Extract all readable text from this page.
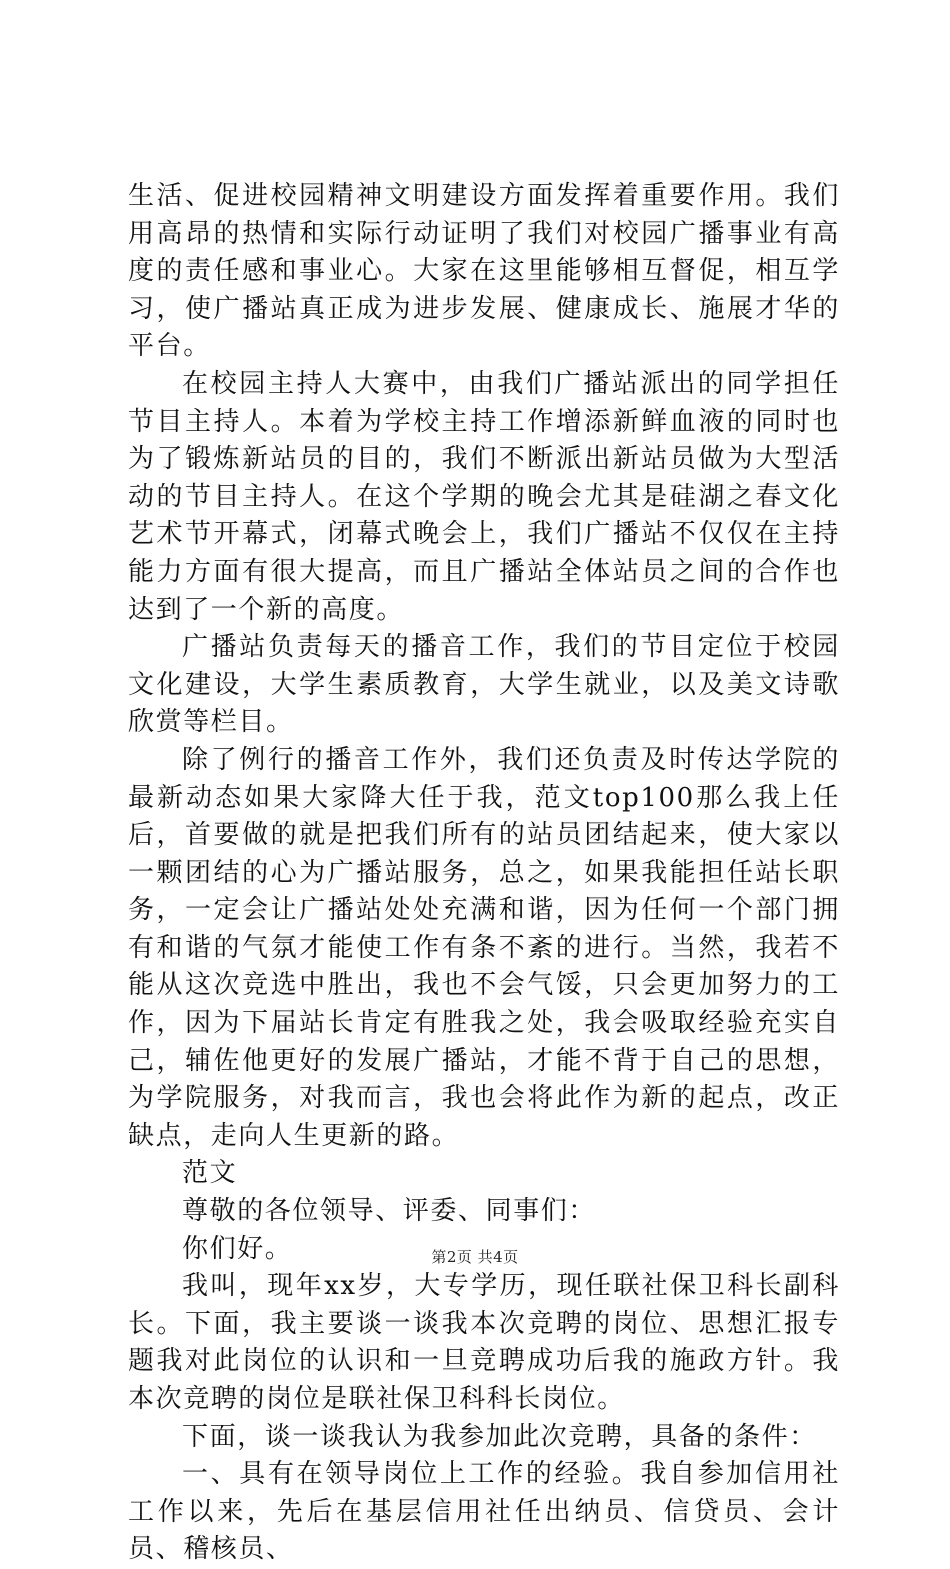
生活、促进校园精神文明建设方面发挥着重要作用。我们用高昂的热情和实际行动证明了我们对校园广播事业有高度的责任感和事业心。大家在这里能够相互督促，相互学习，使广播站真正成为进步发展、健康成长、施展才华的平台。

在校园主持人大赛中，由我们广播站派出的同学担任节目主持人。本着为学校主持工作增添新鲜血液的同时也为了锻炼新站员的目的，我们不断派出新站员做为大型活动的节目主持人。在这个学期的晚会尤其是硅湖之春文化艺术节开幕式，闭幕式晚会上，我们广播站不仅仅在主持能力方面有很大提高，而且广播站全体站员之间的合作也达到了一个新的高度。

广播站负责每天的播音工作，我们的节目定位于校园文化建设，大学生素质教育，大学生就业，以及美文诗歌欣赏等栏目。

除了例行的播音工作外，我们还负责及时传达学院的最新动态如果大家降大任于我，范文top100那么我上任后，首要做的就是把我们所有的站员团结起来，使大家以一颗团结的心为广播站服务，总之，如果我能担任站长职务，一定会让广播站处处充满和谐，因为任何一个部门拥有和谐的气氛才能使工作有条不紊的进行。当然，我若不能从这次竞选中胜出，我也不会气馁，只会更加努力的工作，因为下届站长肯定有胜我之处，我会吸取经验充实自己，辅佐他更好的发展广播站，才能不背于自己的思想，为学院服务，对我而言，我也会将此作为新的起点，改正缺点，走向人生更新的路。

范文

尊敬的各位领导、评委、同事们：

你们好。

我叫，现年xx岁，大专学历，现任联社保卫科长副科长。下面，我主要谈一谈我本次竞聘的岗位、思想汇报专题我对此岗位的认识和一旦竞聘成功后我的施政方针。我本次竞聘的岗位是联社保卫科科长岗位。

下面，谈一谈我认为我参加此次竞聘，具备的条件：

一、具有在领导岗位上工作的经验。我自参加信用社工作以来，先后在基层信用社任出纳员、信贷员、会计员、稽核员、

第2页 共4页
